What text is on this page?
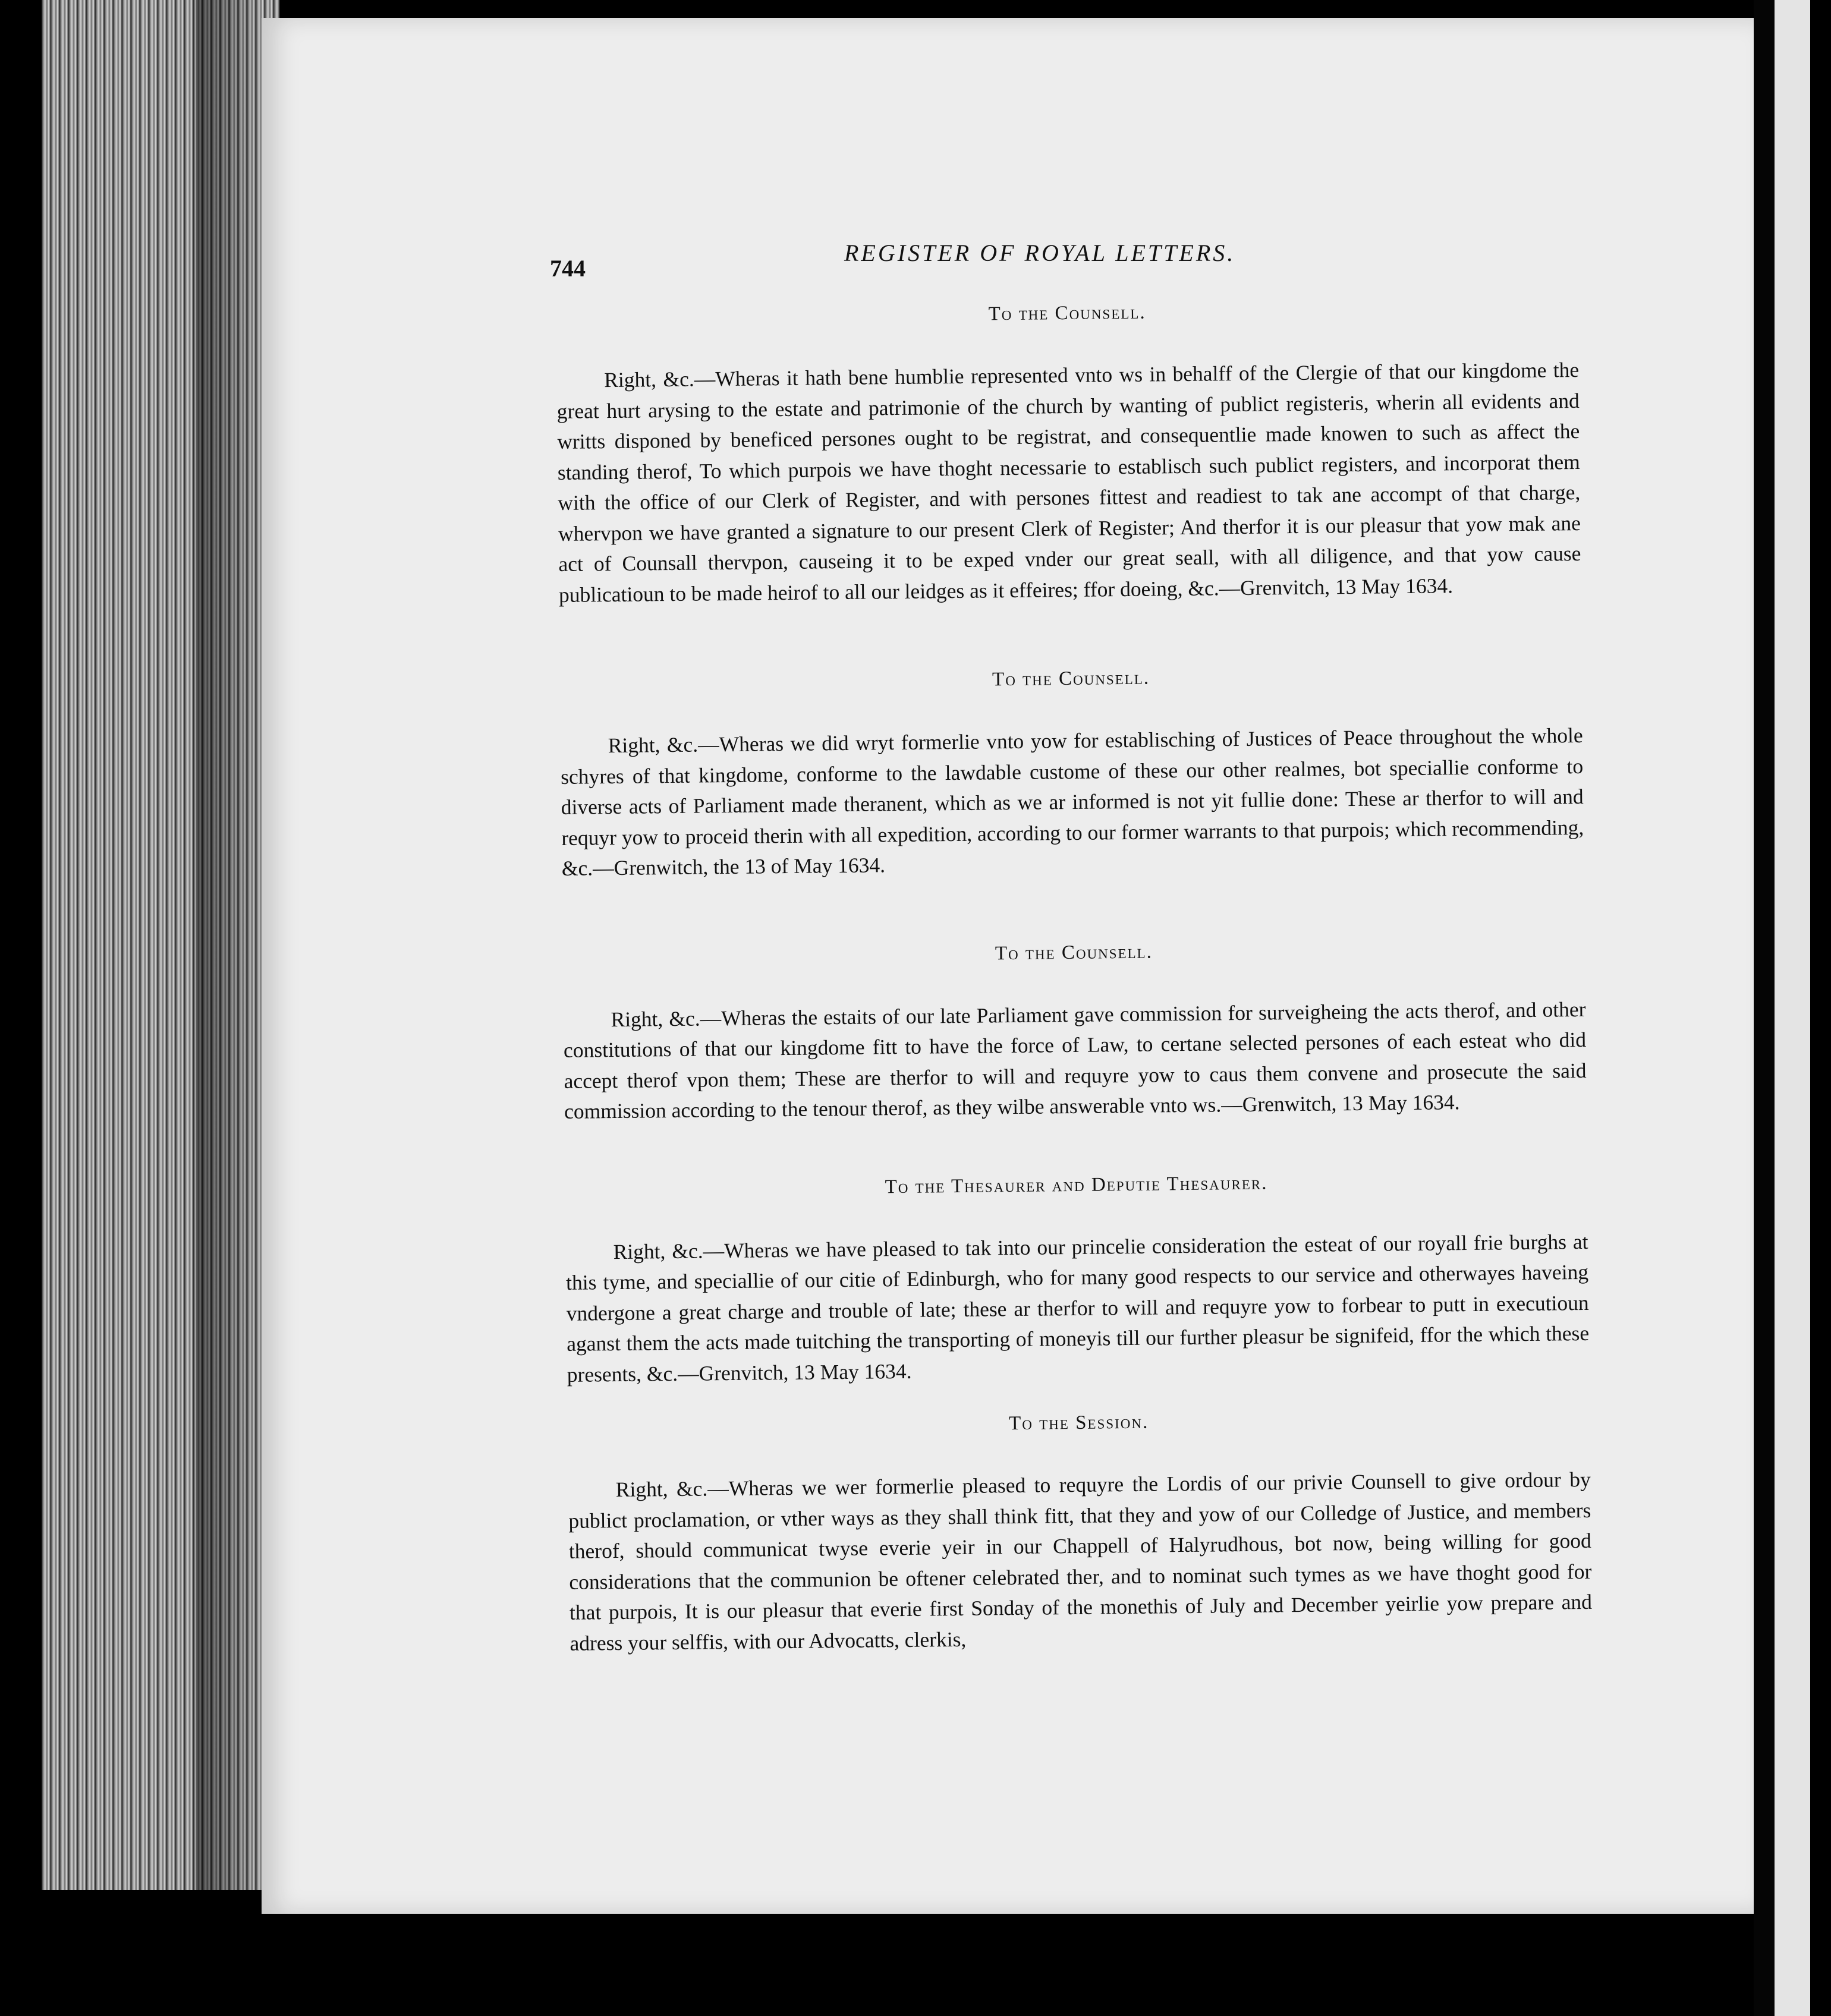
744
REGISTER OF ROYAL LETTERS.

To the Counsell.

Right, &c.—Wheras it hath bene humblie represented vnto ws in behalff of the Clergie of that our kingdome the great hurt arysing to the estate and patrimonie of the church by wanting of publict registeris, wherin all evidents and writts disponed by beneficed persones ought to be registrat, and consequentlie made knowen to such as affect the standing therof, To which purpois we have thoght necessarie to establisch such publict registers, and incorporat them with the office of our Clerk of Register, and with persones fittest and readiest to tak ane accompt of that charge, whervpon we have granted a signature to our present Clerk of Register; And therfor it is our pleasur that yow mak ane act of Counsall thervpon, causeing it to be exped vnder our great seall, with all diligence, and that yow cause publicatioun to be made heirof to all our leidges as it effeires; ffor doeing, &c.—Grenvitch, 13 May 1634.

To the Counsell.

Right, &c.—Wheras we did wryt formerlie vnto yow for establisching of Justices of Peace throughout the whole schyres of that kingdome, conforme to the lawdable custome of these our other realmes, bot speciallie conforme to diverse acts of Parliament made theranent, which as we ar informed is not yit fullie done: These ar therfor to will and requyr yow to proceid therin with all expedition, according to our former warrants to that purpois; which recommending, &c.—Grenwitch, the 13 of May 1634.

To the Counsell.

Right, &c.—Wheras the estaits of our late Parliament gave commission for surveigheing the acts therof, and other constitutions of that our kingdome fitt to have the force of Law, to certane selected persones of each esteat who did accept therof vpon them; These are therfor to will and requyre yow to caus them convene and prosecute the said commission according to the tenour therof, as they wilbe answerable vnto ws.—Grenwitch, 13 May 1634.

To the Thesaurer and Deputie Thesaurer.

Right, &c.—Wheras we have pleased to tak into our princelie consideration the esteat of our royall frie burghs at this tyme, and speciallie of our citie of Edinburgh, who for many good respects to our service and otherwayes haveing vndergone a great charge and trouble of late; these ar therfor to will and requyre yow to forbear to putt in executioun aganst them the acts made tuitching the transporting of moneyis till our further pleasur be signifeid, ffor the which these presents, &c.—Grenvitch, 13 May 1634.

To the Session.

Right, &c.—Wheras we wer formerlie pleased to requyre the Lordis of our privie Counsell to give ordour by publict proclamation, or vther ways as they shall think fitt, that they and yow of our Colledge of Justice, and members therof, should communicat twyse everie yeir in our Chappell of Halyrudhous, bot now, being willing for good considerations that the communion be oftener celebrated ther, and to nominat such tymes as we have thoght good for that purpois, It is our pleasur that everie first Sonday of the monethis of July and December yeirlie yow prepare and adress your selffis, with our Advocatts, clerkis,
